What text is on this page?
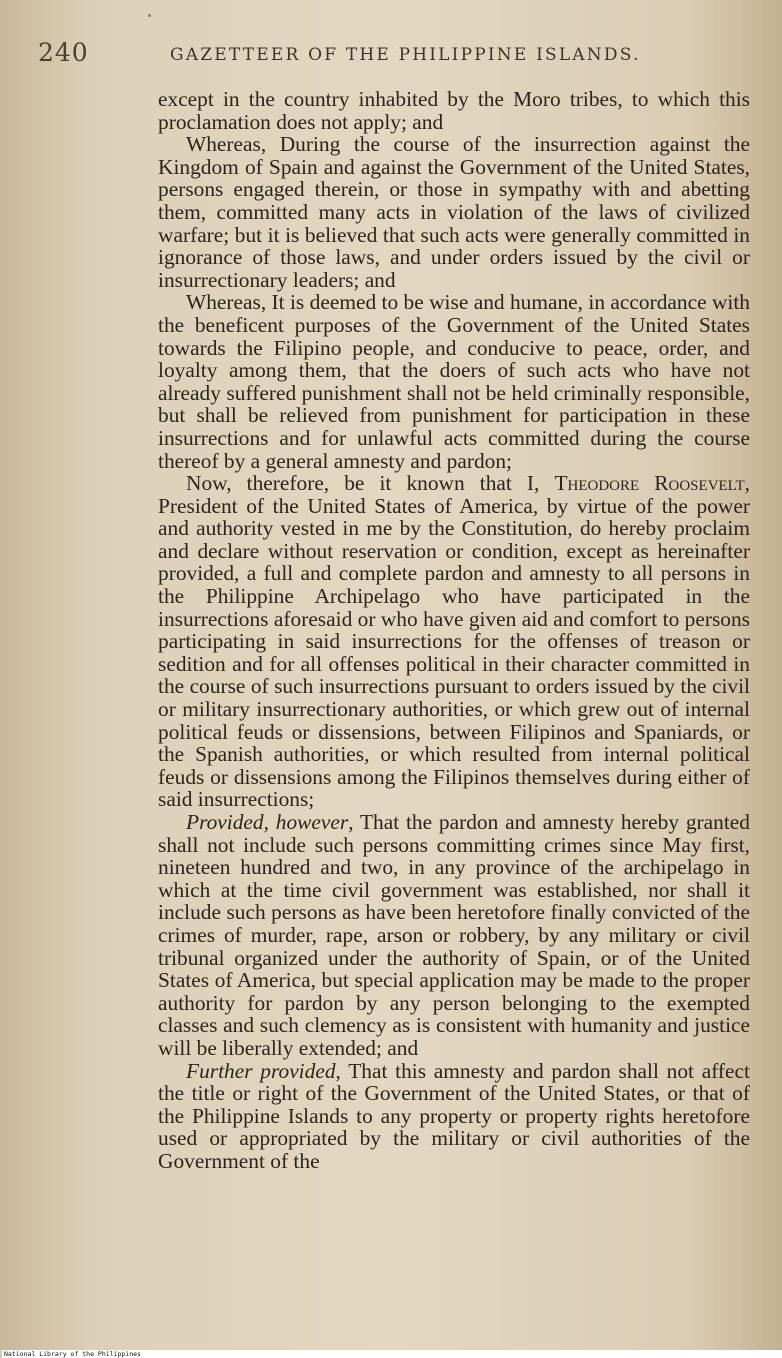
240	GAZETTEER OF THE PHILIPPINE ISLANDS.

except in the country inhabited by the Moro tribes, to which this proclamation does not apply; and

Whereas, During the course of the insurrection against the Kingdom of Spain and against the Government of the United States, persons engaged therein, or those in sympathy with and abetting them, committed many acts in violation of the laws of civilized warfare; but it is believed that such acts were generally committed in ignorance of those laws, and under orders issued by the civil or insurrectionary leaders; and

Whereas, It is deemed to be wise and humane, in accordance with the beneficent purposes of the Government of the United States towards the Filipino people, and conducive to peace, order, and loyalty among them, that the doers of such acts who have not already suffered punishment shall not be held criminally responsible, but shall be relieved from punishment for participation in these insurrections and for unlawful acts committed during the course thereof by a general amnesty and pardon;

Now, therefore, be it known that I, Theodore Roosevelt, President of the United States of America, by virtue of the power and authority vested in me by the Constitution, do hereby proclaim and declare without reservation or condition, except as hereinafter provided, a full and complete pardon and amnesty to all persons in the Philippine Archipelago who have participated in the insurrections aforesaid or who have given aid and comfort to persons participating in said insurrections for the offenses of treason or sedition and for all offenses political in their character committed in the course of such insurrections pursuant to orders issued by the civil or military insurrectionary authorities, or which grew out of internal political feuds or dissensions, between Filipinos and Spaniards, or the Spanish authorities, or which resulted from internal political feuds or dissensions among the Filipinos themselves during either of said insurrections;

Provided, however, That the pardon and amnesty hereby granted shall not include such persons committing crimes since May first, nineteen hundred and two, in any province of the archipelago in which at the time civil government was established, nor shall it include such persons as have been heretofore finally convicted of the crimes of murder, rape, arson or robbery, by any military or civil tribunal organized under the authority of Spain, or of the United States of America, but special application may be made to the proper authority for pardon by any person belonging to the exempted classes and such clemency as is consistent with humanity and justice will be liberally extended; and

Further provided, That this amnesty and pardon shall not affect the title or right of the Government of the United States, or that of the Philippine Islands to any property or property rights heretofore used or appropriated by the military or civil authorities of the Government of the

National Library of the Philippines
